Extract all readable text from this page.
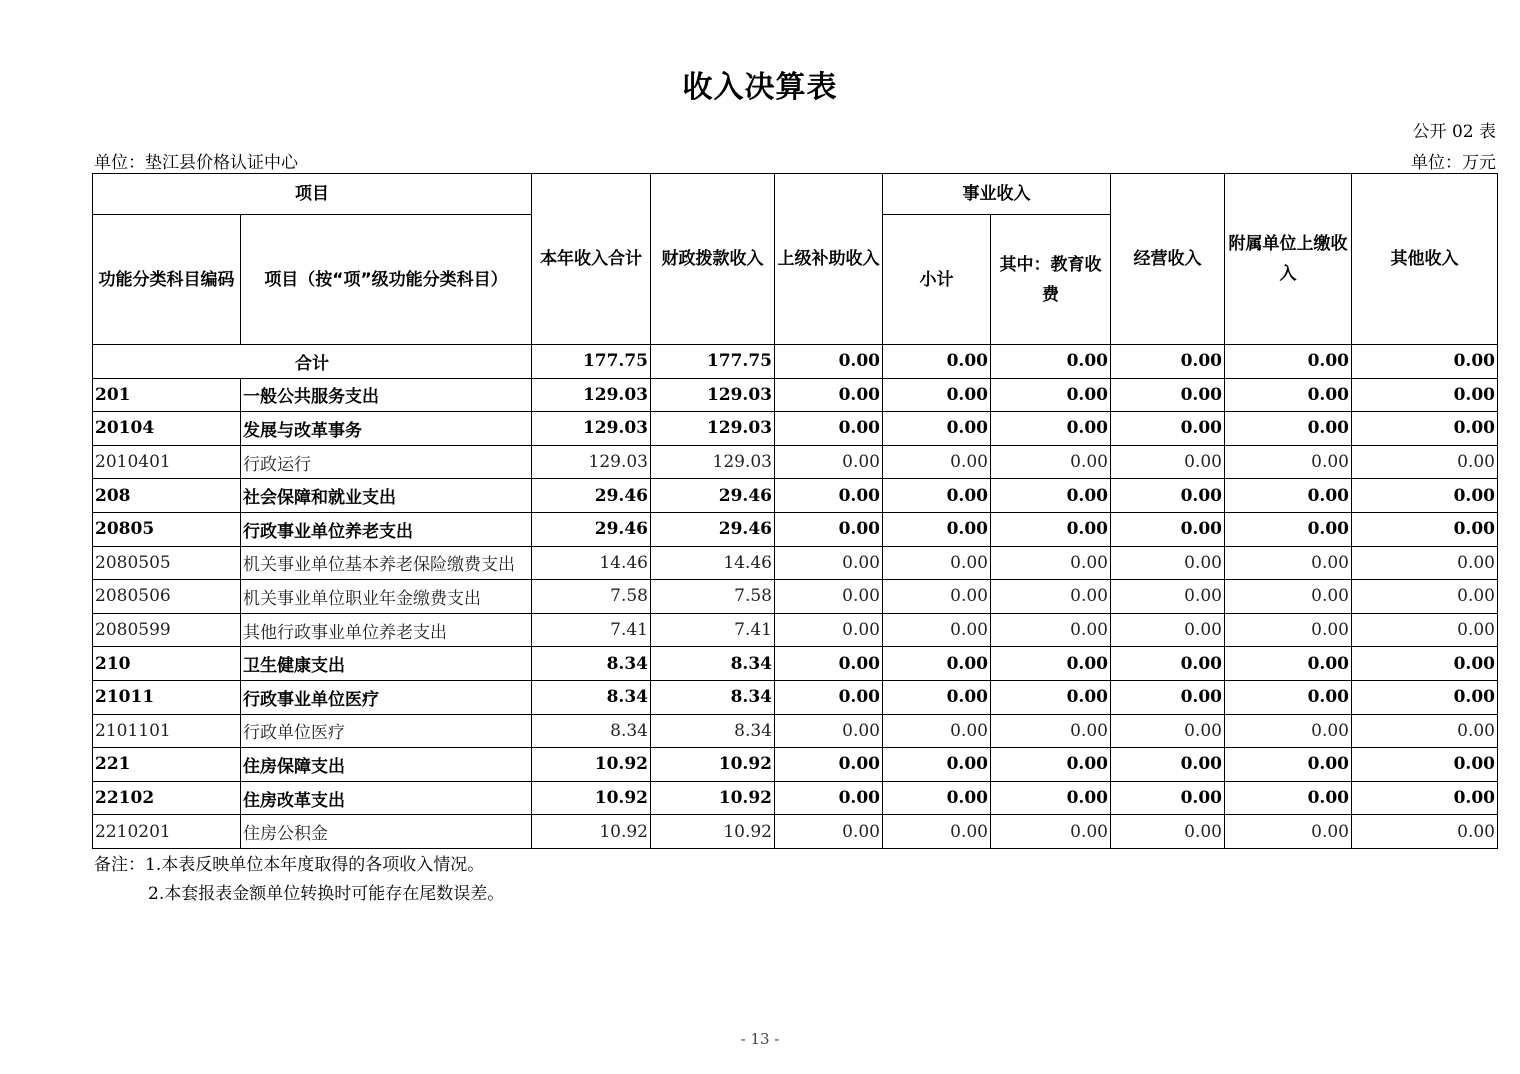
收入决算表
公开 02 表
单位：垫江县价格认证中心	单位：万元
项目		本年收入合计	财政拨款收入	上级补助收入	事业收入		经营收入	附属单位上缴收入	其他收入
功能分类科目编码	项目（按“项”级功能分类科目）				小计	其中：教育收费			
合计		177.75	177.75	0.00	0.00	0.00	0.00	0.00	0.00
201	一般公共服务支出	129.03	129.03	0.00	0.00	0.00	0.00	0.00	0.00
20104	发展与改革事务	129.03	129.03	0.00	0.00	0.00	0.00	0.00	0.00
2010401	行政运行	129.03	129.03	0.00	0.00	0.00	0.00	0.00	0.00
208	社会保障和就业支出	29.46	29.46	0.00	0.00	0.00	0.00	0.00	0.00
20805	行政事业单位养老支出	29.46	29.46	0.00	0.00	0.00	0.00	0.00	0.00
2080505	机关事业单位基本养老保险缴费支出	14.46	14.46	0.00	0.00	0.00	0.00	0.00	0.00
2080506	机关事业单位职业年金缴费支出	7.58	7.58	0.00	0.00	0.00	0.00	0.00	0.00
2080599	其他行政事业单位养老支出	7.41	7.41	0.00	0.00	0.00	0.00	0.00	0.00
210	卫生健康支出	8.34	8.34	0.00	0.00	0.00	0.00	0.00	0.00
21011	行政事业单位医疗	8.34	8.34	0.00	0.00	0.00	0.00	0.00	0.00
2101101	行政单位医疗	8.34	8.34	0.00	0.00	0.00	0.00	0.00	0.00
221	住房保障支出	10.92	10.92	0.00	0.00	0.00	0.00	0.00	0.00
22102	住房改革支出	10.92	10.92	0.00	0.00	0.00	0.00	0.00	0.00
2210201	住房公积金	10.92	10.92	0.00	0.00	0.00	0.00	0.00	0.00
备注：1.本表反映单位本年度取得的各项收入情况。
2.本套报表金额单位转换时可能存在尾数误差。
- 13 -
